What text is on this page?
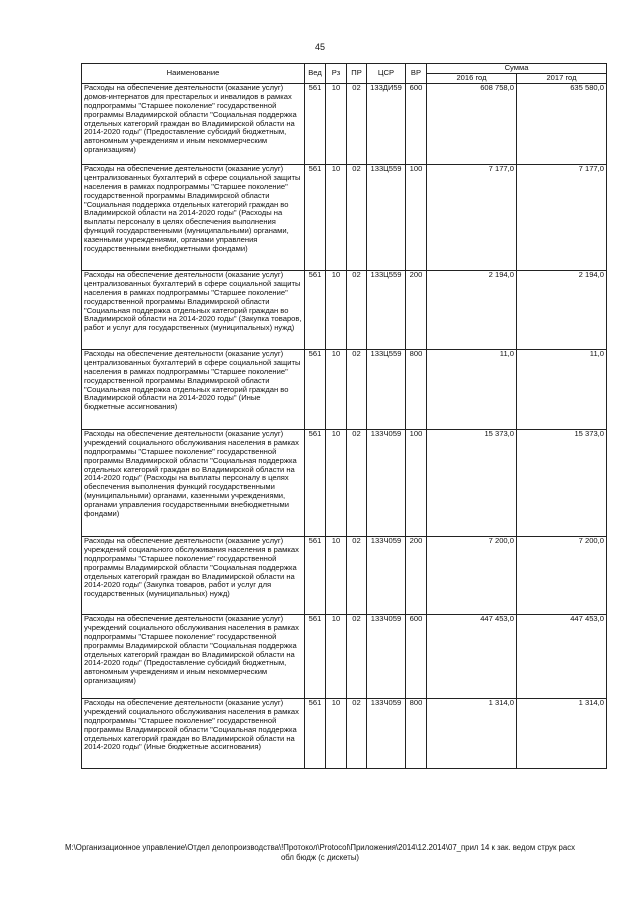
45
Наименование	Вед	Рз	ПР	ЦСР	ВР	Сумма	
						2016 год	2017 год
Расходы на обеспечение деятельности (оказание услуг) домов-интернатов для престарелых и инвалидов в рамках подпрограммы "Старшее поколение" государственной программы Владимирской области "Социальная поддержка отдельных категорий граждан во Владимирской области на 2014-2020 годы" (Предоставление субсидий бюджетным, автономным учреждениям и иным некоммерческим организациям)	561	10	02	133ДИ59	600	608 758,0	635 580,0
Расходы на обеспечение деятельности (оказание услуг) централизованных бухгалтерий в сфере социальной защиты населения в рамках подпрограммы "Старшее поколение" государственной программы Владимирской области "Социальная поддержка отдельных категорий граждан во Владимирской области на 2014-2020 годы" (Расходы на выплаты персоналу в целях обеспечения выполнения функций государственными (муниципальными) органами, казенными учреждениями, органами управления государственными внебюджетными фондами)	561	10	02	133Ц559	100	7 177,0	7 177,0
Расходы на обеспечение деятельности (оказание услуг) централизованных бухгалтерий в сфере социальной защиты населения в рамках подпрограммы "Старшее поколение" государственной программы Владимирской области "Социальная поддержка отдельных категорий граждан во Владимирской области на 2014-2020 годы" (Закупка товаров, работ и услуг для государственных (муниципальных) нужд)	561	10	02	133Ц559	200	2 194,0	2 194,0
Расходы на обеспечение деятельности (оказание услуг) централизованных бухгалтерий в сфере социальной защиты населения в рамках подпрограммы "Старшее поколение" государственной программы Владимирской области "Социальная поддержка отдельных категорий граждан во Владимирской области на 2014-2020 годы" (Иные бюджетные ассигнования)	561	10	02	133Ц559	800	11,0	11,0
Расходы на обеспечение деятельности (оказание услуг) учреждений социального обслуживания населения в рамках подпрограммы "Старшее поколение" государственной программы Владимирской области "Социальная поддержка отдельных категорий граждан во Владимирской области на 2014-2020 годы" (Расходы на выплаты персоналу в целях обеспечения выполнения функций государственными (муниципальными) органами, казенными учреждениями, органами управления государственными внебюджетными фондами)	561	10	02	133Ч059	100	15 373,0	15 373,0
Расходы на обеспечение деятельности (оказание услуг) учреждений социального обслуживания населения в рамках подпрограммы "Старшее поколение" государственной программы Владимирской области "Социальная поддержка отдельных категорий граждан во Владимирской области на 2014-2020 годы" (Закупка товаров, работ и услуг для государственных (муниципальных) нужд)	561	10	02	133Ч059	200	7 200,0	7 200,0
Расходы на обеспечение деятельности (оказание услуг) учреждений социального обслуживания населения в рамках подпрограммы "Старшее поколение" государственной программы Владимирской области "Социальная поддержка отдельных категорий граждан во Владимирской области на 2014-2020 годы" (Предоставление субсидий бюджетным, автономным учреждениям и иным некоммерческим организациям)	561	10	02	133Ч059	600	447 453,0	447 453,0
Расходы на обеспечение деятельности (оказание услуг) учреждений социального обслуживания населения в рамках подпрограммы "Старшее поколение" государственной программы Владимирской области "Социальная поддержка отдельных категорий граждан во Владимирской области на 2014-2020 годы" (Иные бюджетные ассигнования)	561	10	02	133Ч059	800	1 314,0	1 314,0
M:\Организационное управление\Отдел делопроизводства\!Протокол\Protocol\Приложения\2014\12.2014\07_прил 14 к зак. ведом струк расх
обл бюдж (с дискеты)
